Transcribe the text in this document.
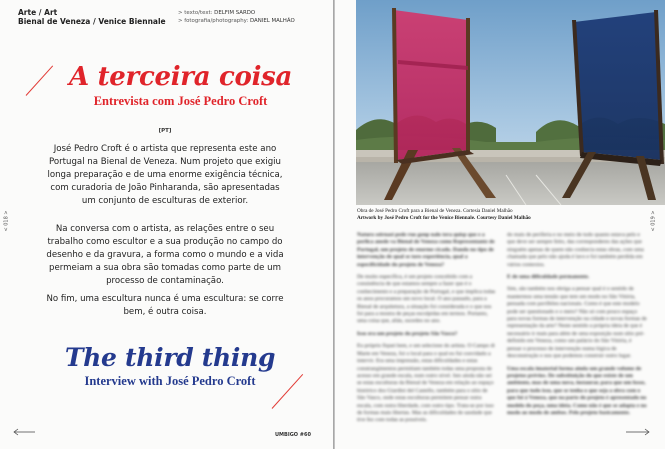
Arte / Art
Bienal de Veneza / Venice Biennale
> texto/text: DELFIM SARDO
> fotografia/photography: DANIEL MALHÃO
A terceira coisa
Entrevista com José Pedro Croft
[PT]

José Pedro Croft é o artista que representa este ano Portugal na Bienal de Veneza. Num projeto que exigiu longa preparação e de uma enorme exigência técnica, com curadoria de João Pinharanda, são apresentadas um conjunto de esculturas de exterior.

Na conversa com o artista, as relações entre o seu trabalho como escultor e a sua produção no campo do desenho e da gravura, a forma como o mundo e a vida permeiam a sua obra são tomadas como parte de um processo de contaminação.

No fim, uma escultura nunca é uma escultura: se corre bem, é outra coisa.

The third thing
Interview with José Pedro Croft
< 018 >
UMBIGO #60
Obra de José Pedro Croft para a Bienal de Veneza. Cortesia Daniel Malhão
Artwork by José Pedro Croft for the Venice Biennale. Courtesy Daniel Malhão

Naturo seirnasi pede ruo gonp nalo tera quisp que e a perlica anede va Bienal de Veneza como Representante de Portugal, um projeto de enorme cicado. Dando no tipo de intervenção de qual se toro experiência, qual a especificidade do projeto de Veneza?

De muito específica, é um projeto concebido com a consistência de que estamos sempre a fazer que é o conhecimento e a preparação de Portugal, e que implica todas os anos procuramos um novo local. O ano passado, para a Bienal de arquitetura, a situação foi considerada e o que nos foi para a mostra de peças esculpidas em termos. Portanto, uma coisa que, aliás, sucedeu no ano.

Isso era um projeto do projeto São Vasco?

Eu próprio fiquei bem, e um selecione do artista. O Campo di Marte em Veneza, foi o local para o qual eu fui convidado a intervir. Era uma impressão, estas dificuldades e estas constrangimentos permitiam também todas uma proposta de acesso em grande escala, num outro nível. Isto ainda não sei se estas esculturas da Bienal de Veneza em relação ao espaço histórico dos Giardini del Castello, também para o sítio de São Vasco, onde estas esculturas permitem pensar outra escala, com outra liberdade, com outro tipo. Trata-se por isso de formas mais libertas. Mas as dificuldades de saudade que tive fez com todas as possíveis.

do mais de periferia e no meio de tudo quanto estava pelo e que deve ser sempre feito, das corresponderes das ações que ninguém apenas de quem não conhecia estas obras, com uma chamada que pelo não ajuda é lavo e foi também perdida em vários contextos.

E de uma dificuldade permanente.

Sim, são também nos obriga a pensar qual é o sentido de mantermos uma tensão que tem um modo no São Vitória, pensada com pavilhões nacionais. Como é que este modelo pode ser questionado e o meio? Não só com pouco espaço para novas formas de intervenção na cidade e novas formas de representação da arte? Neste sentido a própria ideia de que é necessário ir mais para além de uma exposição num sítio pré-definido em Veneza, como um palácio do São Vitória, é pensar o processo de intervenção numa lógica de desconstrução e nos que podemos construir outro lugar.

Uma escala imaterial forma ainda um grande volume de projetos prévios. De substituição do que existe de um ambiente, mas de uma nova, instaurar, para que um fosse, para que tudo isso, que se tenha o que seja a obra com o que foi à Veneza, que na parte do projeto é apresentado no modelo do peça, uma ideia. Como não é que se adapta e no modo ao modo de ambos. Pelo projeto basicamente.

< 019 >
